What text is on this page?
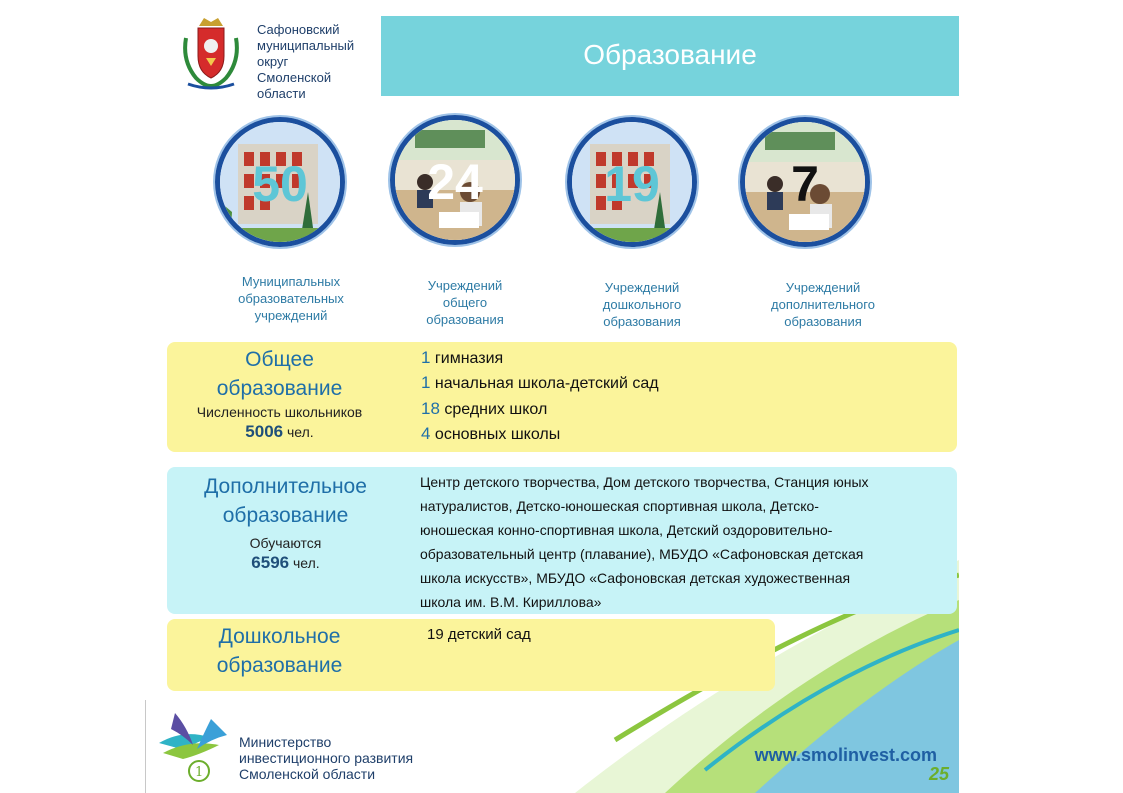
Сафоновский
муниципальный
округ
Смоленской
области
Образование
50
Муниципальных
образовательных
учреждений
24
Учреждений
общего
образования
19
Учреждений
дошкольного
образования
7
Учреждений
дополнительного
образования
Общее
образование
Численность школьников
5006 чел.
1 гимназия
1 начальная школа-детский сад
18 средних школ
4 основных школы
Дополнительное
образование
Обучаются
6596 чел.
Центр детского творчества, Дом детского творчества, Станция юных
натуралистов, Детско-юношеская спортивная школа, Детско-
юношеская конно-спортивная школа, Детский оздоровительно-
образовательный центр (плавание), МБУДО «Сафоновская детская
школа искусств», МБУДО «Сафоновская детская художественная
школа им. В.М. Кириллова»
Дошкольное
образование
19 детский сад
1
Министерство
инвестиционного развития
Смоленской области
www.smolinvest.com
25
